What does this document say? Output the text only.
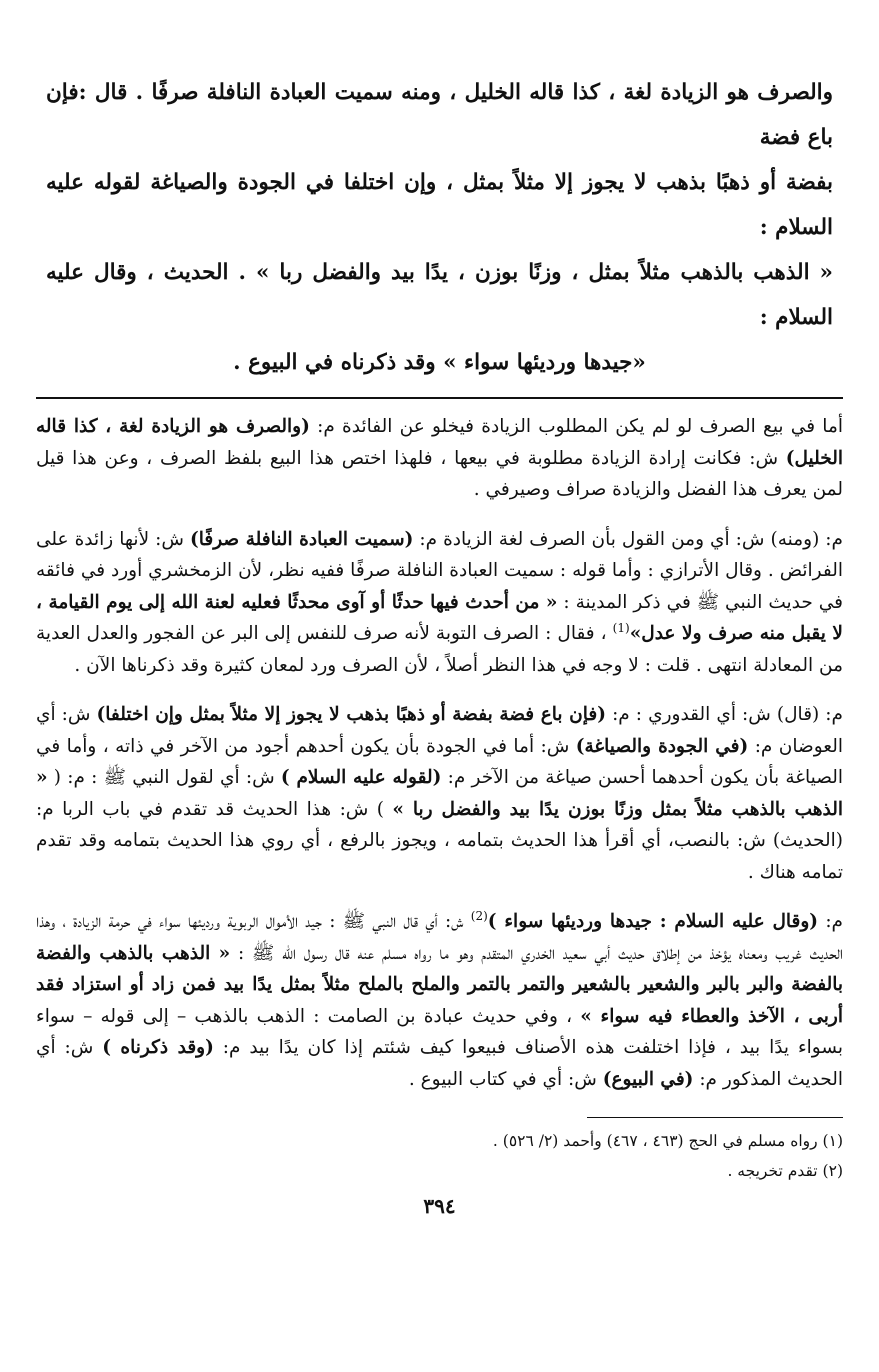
والصرف هو الزيادة لغة ، كذا قاله الخليل ، ومنه سميت العبادة النافلة صرفًا . قال :فإن باع فضة

بفضة أو ذهبًا بذهب لا يجوز إلا مثلاً بمثل ، وإن اختلفا في الجودة والصياغة لقوله عليه السلام :

« الذهب بالذهب مثلاً بمثل ، وزنًا بوزن ، يدًا بيد والفضل ربا » . الحديث ، وقال عليه السلام :

«جيدها ورديئها سواء » وقد ذكرناه في البيوع .

أما في بيع الصرف لو لم يكن المطلوب الزيادة فيخلو عن الفائدة م: (والصرف هو الزيادة لغة ، كذا قاله الخليل) ش: فكانت إرادة الزيادة مطلوبة في بيعها ، فلهذا اختص هذا البيع بلفظ الصرف ، وعن هذا قيل لمن يعرف هذا الفضل والزيادة صراف وصيرفي .

م: (ومنه) ش: أي ومن القول بأن الصرف لغة الزيادة م: (سميت العبادة النافلة صرفًا) ش: لأنها زائدة على الفرائض . وقال الأترازي : وأما قوله : سميت العبادة النافلة صرفًا ففيه نظر، لأن الزمخشري أورد في فائقه في حديث النبي ﷺ في ذكر المدينة : « من أحدث فيها حدثًا أو آوى محدثًا فعليه لعنة الله إلى يوم القيامة ، لا يقبل منه صرف ولا عدل»$^{(1)}$ ، فقال : الصرف التوبة لأنه صرف للنفس إلى البر عن الفجور والعدل العدية من المعادلة انتهى . قلت : لا وجه في هذا النظر أصلاً ، لأن الصرف ورد لمعان كثيرة وقد ذكرناها الآن .

م: (قال) ش: أي القدوري : م: (فإن باع فضة بفضة أو ذهبًا بذهب لا يجوز إلا مثلاً بمثل وإن اختلفا) ش: أي العوضان م: (في الجودة والصياغة) ش: أما في الجودة بأن يكون أحدهم أجود من الآخر في ذاته ، وأما في الصياغة بأن يكون أحدهما أحسن صياغة من الآخر م: (لقوله عليه السلام ) ش: أي لقول النبي ﷺ : م: ( « الذهب بالذهب مثلاً بمثل وزنًا بوزن يدًا بيد والفضل ربا » ) ش: هذا الحديث قد تقدم في باب الربا م: (الحديث) ش: بالنصب، أي أقرأ هذا الحديث بتمامه ، ويجوز بالرفع ، أي روي هذا الحديث بتمامه وقد تقدم تمامه هناك .

م: (وقال عليه السلام : جيدها ورديئها سواء )$^{(2)}$ ش: أي قال النبي ﷺ : جيد الأموال الربوية ورديئها سواء في حرمة الزيادة ، وهذا الحديث غريب ومعناه يؤخذ من إطلاق حديث أبي سعيد الخدري المتقدم وهو ما رواه مسلم عنه قال رسول الله ﷺ : « الذهب بالذهب والفضة بالفضة والبر بالبر والشعير بالشعير والتمر بالتمر والملح بالملح مثلاً بمثل يدًا بيد فمن زاد أو استزاد فقد أربى ، الآخذ والعطاء فيه سواء » ، وفي حديث عبادة بن الصامت : الذهب بالذهب – إلى قوله – سواء بسواء يدًا بيد ، فإذا اختلفت هذه الأصناف فبيعوا كيف شئتم إذا كان يدًا بيد م: (وقد ذكرناه ) ش: أي الحديث المذكور م: (في البيوع) ش: أي في كتاب البيوع .

(١) رواه مسلم في الحج (٤٦٣ ، ٤٦٧) وأحمد (٢/ ٥٢٦) .
(٢) تقدم تخريجه .
٣٩٤
